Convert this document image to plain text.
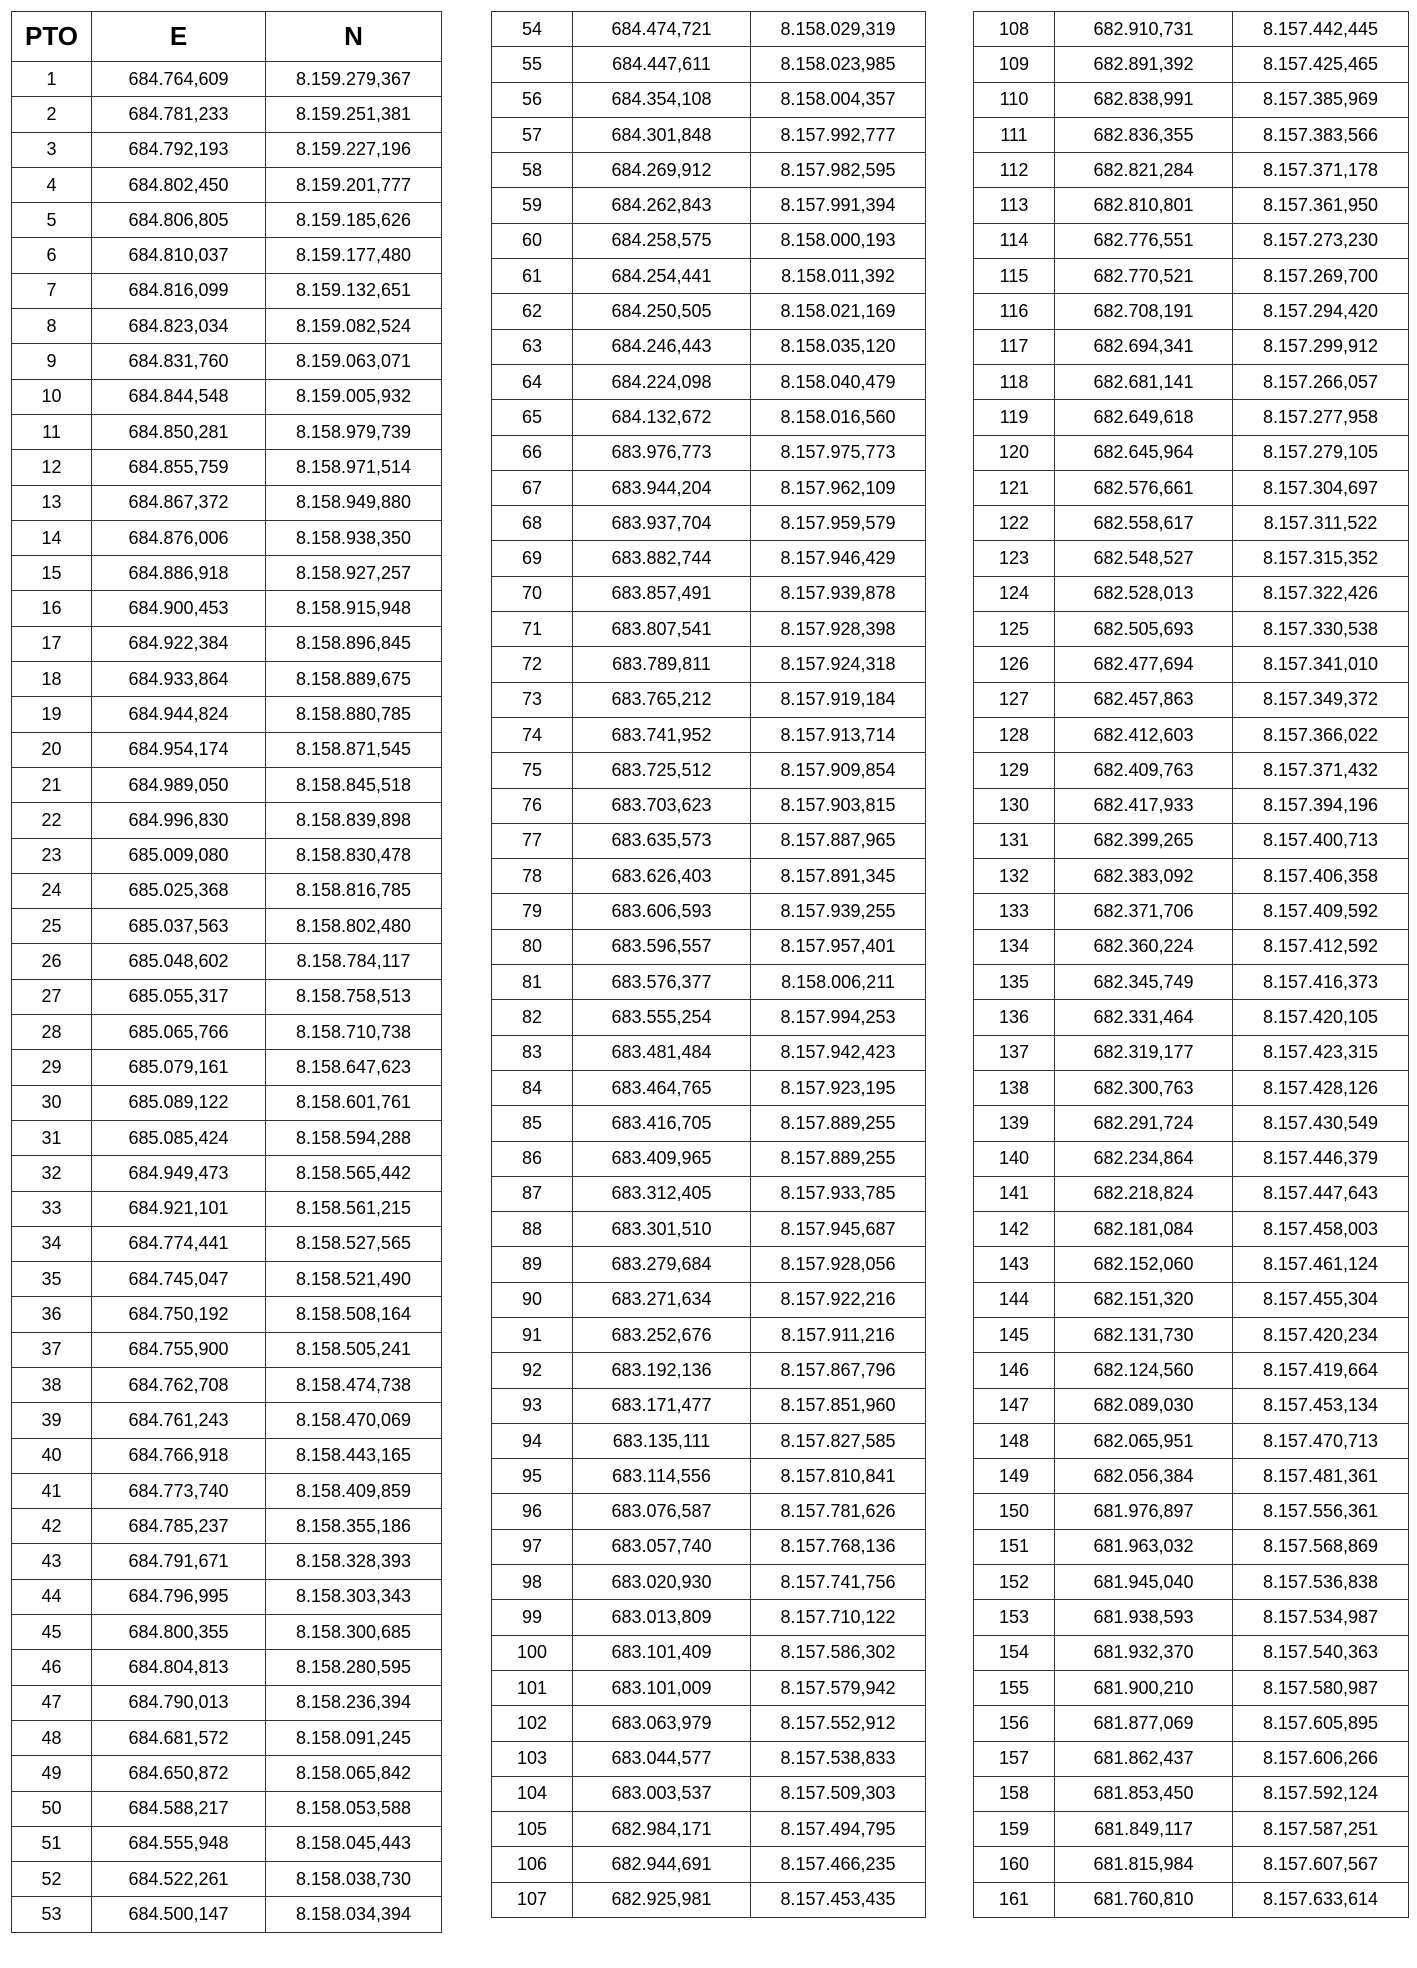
PTO	E	N
1	684.764,609	8.159.279,367
2	684.781,233	8.159.251,381
3	684.792,193	8.159.227,196
4	684.802,450	8.159.201,777
5	684.806,805	8.159.185,626
6	684.810,037	8.159.177,480
7	684.816,099	8.159.132,651
8	684.823,034	8.159.082,524
9	684.831,760	8.159.063,071
10	684.844,548	8.159.005,932
11	684.850,281	8.158.979,739
12	684.855,759	8.158.971,514
13	684.867,372	8.158.949,880
14	684.876,006	8.158.938,350
15	684.886,918	8.158.927,257
16	684.900,453	8.158.915,948
17	684.922,384	8.158.896,845
18	684.933,864	8.158.889,675
19	684.944,824	8.158.880,785
20	684.954,174	8.158.871,545
21	684.989,050	8.158.845,518
22	684.996,830	8.158.839,898
23	685.009,080	8.158.830,478
24	685.025,368	8.158.816,785
25	685.037,563	8.158.802,480
26	685.048,602	8.158.784,117
27	685.055,317	8.158.758,513
28	685.065,766	8.158.710,738
29	685.079,161	8.158.647,623
30	685.089,122	8.158.601,761
31	685.085,424	8.158.594,288
32	684.949,473	8.158.565,442
33	684.921,101	8.158.561,215
34	684.774,441	8.158.527,565
35	684.745,047	8.158.521,490
36	684.750,192	8.158.508,164
37	684.755,900	8.158.505,241
38	684.762,708	8.158.474,738
39	684.761,243	8.158.470,069
40	684.766,918	8.158.443,165
41	684.773,740	8.158.409,859
42	684.785,237	8.158.355,186
43	684.791,671	8.158.328,393
44	684.796,995	8.158.303,343
45	684.800,355	8.158.300,685
46	684.804,813	8.158.280,595
47	684.790,013	8.158.236,394
48	684.681,572	8.158.091,245
49	684.650,872	8.158.065,842
50	684.588,217	8.158.053,588
51	684.555,948	8.158.045,443
52	684.522,261	8.158.038,730
53	684.500,147	8.158.034,394
54	684.474,721	8.158.029,319
55	684.447,611	8.158.023,985
56	684.354,108	8.158.004,357
57	684.301,848	8.157.992,777
58	684.269,912	8.157.982,595
59	684.262,843	8.157.991,394
60	684.258,575	8.158.000,193
61	684.254,441	8.158.011,392
62	684.250,505	8.158.021,169
63	684.246,443	8.158.035,120
64	684.224,098	8.158.040,479
65	684.132,672	8.158.016,560
66	683.976,773	8.157.975,773
67	683.944,204	8.157.962,109
68	683.937,704	8.157.959,579
69	683.882,744	8.157.946,429
70	683.857,491	8.157.939,878
71	683.807,541	8.157.928,398
72	683.789,811	8.157.924,318
73	683.765,212	8.157.919,184
74	683.741,952	8.157.913,714
75	683.725,512	8.157.909,854
76	683.703,623	8.157.903,815
77	683.635,573	8.157.887,965
78	683.626,403	8.157.891,345
79	683.606,593	8.157.939,255
80	683.596,557	8.157.957,401
81	683.576,377	8.158.006,211
82	683.555,254	8.157.994,253
83	683.481,484	8.157.942,423
84	683.464,765	8.157.923,195
85	683.416,705	8.157.889,255
86	683.409,965	8.157.889,255
87	683.312,405	8.157.933,785
88	683.301,510	8.157.945,687
89	683.279,684	8.157.928,056
90	683.271,634	8.157.922,216
91	683.252,676	8.157.911,216
92	683.192,136	8.157.867,796
93	683.171,477	8.157.851,960
94	683.135,111	8.157.827,585
95	683.114,556	8.157.810,841
96	683.076,587	8.157.781,626
97	683.057,740	8.157.768,136
98	683.020,930	8.157.741,756
99	683.013,809	8.157.710,122
100	683.101,409	8.157.586,302
101	683.101,009	8.157.579,942
102	683.063,979	8.157.552,912
103	683.044,577	8.157.538,833
104	683.003,537	8.157.509,303
105	682.984,171	8.157.494,795
106	682.944,691	8.157.466,235
107	682.925,981	8.157.453,435
108	682.910,731	8.157.442,445
109	682.891,392	8.157.425,465
110	682.838,991	8.157.385,969
111	682.836,355	8.157.383,566
112	682.821,284	8.157.371,178
113	682.810,801	8.157.361,950
114	682.776,551	8.157.273,230
115	682.770,521	8.157.269,700
116	682.708,191	8.157.294,420
117	682.694,341	8.157.299,912
118	682.681,141	8.157.266,057
119	682.649,618	8.157.277,958
120	682.645,964	8.157.279,105
121	682.576,661	8.157.304,697
122	682.558,617	8.157.311,522
123	682.548,527	8.157.315,352
124	682.528,013	8.157.322,426
125	682.505,693	8.157.330,538
126	682.477,694	8.157.341,010
127	682.457,863	8.157.349,372
128	682.412,603	8.157.366,022
129	682.409,763	8.157.371,432
130	682.417,933	8.157.394,196
131	682.399,265	8.157.400,713
132	682.383,092	8.157.406,358
133	682.371,706	8.157.409,592
134	682.360,224	8.157.412,592
135	682.345,749	8.157.416,373
136	682.331,464	8.157.420,105
137	682.319,177	8.157.423,315
138	682.300,763	8.157.428,126
139	682.291,724	8.157.430,549
140	682.234,864	8.157.446,379
141	682.218,824	8.157.447,643
142	682.181,084	8.157.458,003
143	682.152,060	8.157.461,124
144	682.151,320	8.157.455,304
145	682.131,730	8.157.420,234
146	682.124,560	8.157.419,664
147	682.089,030	8.157.453,134
148	682.065,951	8.157.470,713
149	682.056,384	8.157.481,361
150	681.976,897	8.157.556,361
151	681.963,032	8.157.568,869
152	681.945,040	8.157.536,838
153	681.938,593	8.157.534,987
154	681.932,370	8.157.540,363
155	681.900,210	8.157.580,987
156	681.877,069	8.157.605,895
157	681.862,437	8.157.606,266
158	681.853,450	8.157.592,124
159	681.849,117	8.157.587,251
160	681.815,984	8.157.607,567
161	681.760,810	8.157.633,614
